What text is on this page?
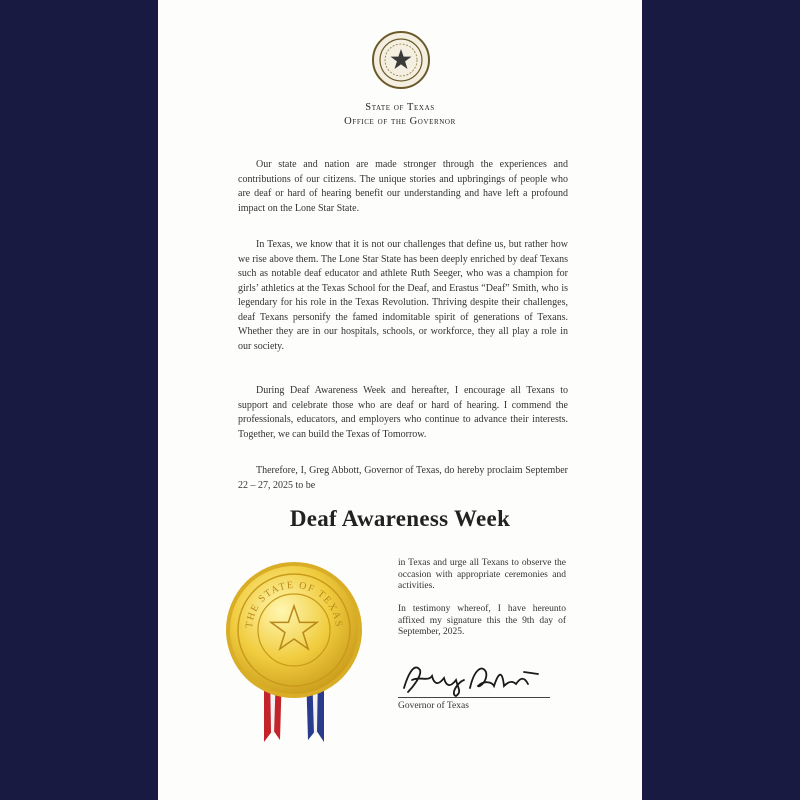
State of Texas
Office of the Governor

Our state and nation are made stronger through the experiences and contributions of our citizens. The unique stories and upbringings of people who are deaf or hard of hearing benefit our understanding and have left a profound impact on the Lone Star State.

In Texas, we know that it is not our challenges that define us, but rather how we rise above them. The Lone Star State has been deeply enriched by deaf Texans such as notable deaf educator and athlete Ruth Seeger, who was a champion for girls’ athletics at the Texas School for the Deaf, and Erastus “Deaf” Smith, who is legendary for his role in the Texas Revolution. Thriving despite their challenges, deaf Texans personify the famed indomitable spirit of generations of Texans. Whether they are in our hospitals, schools, or workforce, they all play a role in our society.

During Deaf Awareness Week and hereafter, I encourage all Texans to support and celebrate those who are deaf or hard of hearing. I commend the professionals, educators, and employers who continue to advance their interests. Together, we can build the Texas of Tomorrow.

Therefore, I, Greg Abbott, Governor of Texas, do hereby proclaim September 22 – 27, 2025 to be

Deaf Awareness Week

in Texas and urge all Texans to observe the occasion with appropriate ceremonies and activities.

In testimony whereof, I have hereunto affixed my signature this the 9th day of September, 2025.

THE STATE OF TEXAS
Governor of Texas
